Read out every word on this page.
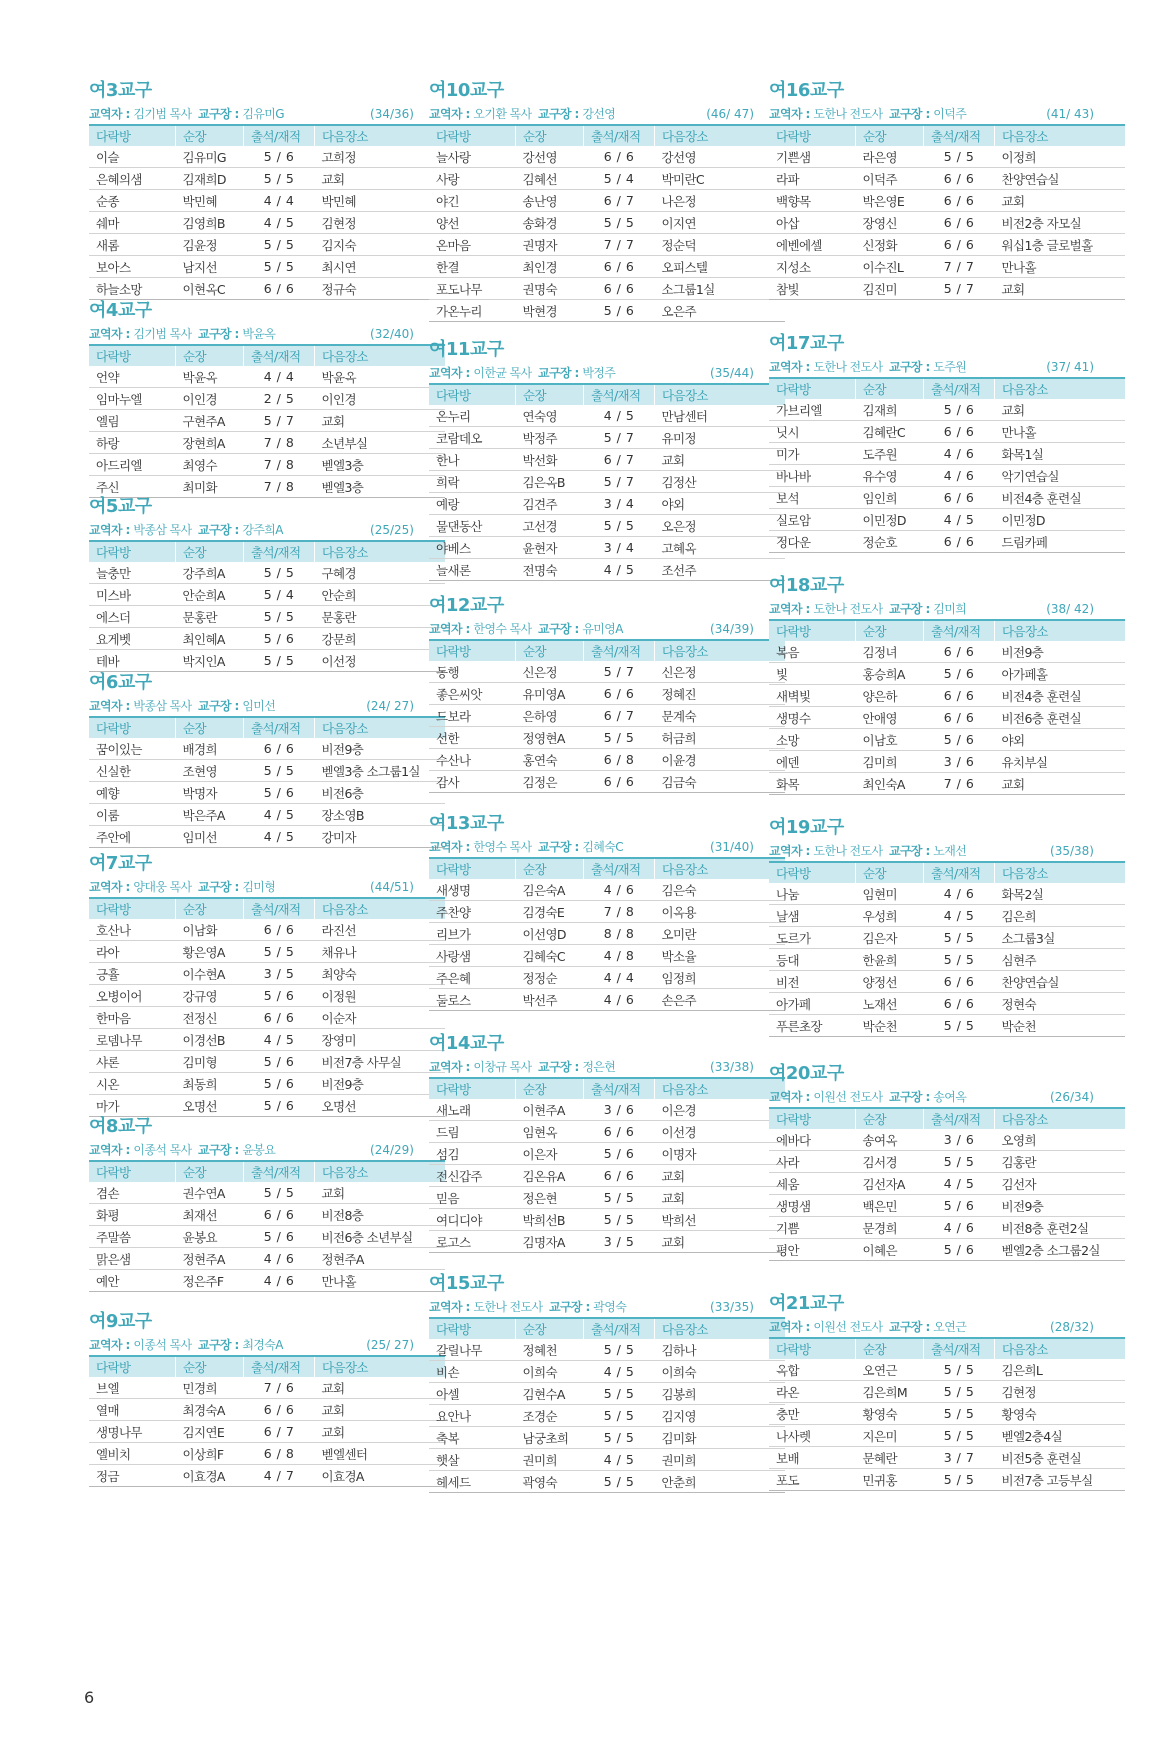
여3교구
교역자 : 김기범 목사 교구장 : 김유미G	(34/36)
다락방	순장	출석/재적	다음장소
이슬	김유미G	5 / 6	고희정
은혜의샘	김재희D	5 / 5	교회
순종	박민혜	4 / 4	박민혜
쉐마	김영희B	4 / 5	김현정
새롬	김윤정	5 / 5	김지숙
보아스	남지선	5 / 5	최시연
하늘소망	이현옥C	6 / 6	정규숙
여4교구
교역자 : 김기범 목사 교구장 : 박윤옥	(32/40)
다락방	순장	출석/재적	다음장소
언약	박윤옥	4 / 4	박윤옥
임마누엘	이인경	2 / 5	이인경
엘림	구현주A	5 / 7	교회
하랑	장현희A	7 / 8	소년부실
아드리엘	최영수	7 / 8	벧엘3층
주신	최미화	7 / 8	벧엘3층
여5교구
교역자 : 박종삼 목사 교구장 : 강주희A	(25/25)
다락방	순장	출석/재적	다음장소
늘충만	강주희A	5 / 5	구혜경
미스바	안순희A	5 / 4	안순희
에스더	문홍란	5 / 5	문홍란
요게벳	최인혜A	5 / 6	강문희
테바	박지인A	5 / 5	이선정
여6교구
교역자 : 박종삼 목사 교구장 : 임미선	(24/ 27)
다락방	순장	출석/재적	다음장소
꿈이있는	배경희	6 / 6	비전9층
신실한	조현영	5 / 5	벧엘3층 소그룹1실
예향	박명자	5 / 6	비전6층
이룸	박은주A	4 / 5	장소영B
주안에	임미선	4 / 5	강미자
여7교구
교역자 : 양대웅 목사 교구장 : 김미형	(44/51)
다락방	순장	출석/재적	다음장소
호산나	이남화	6 / 6	라진선
라아	황은영A	5 / 5	채유나
긍휼	이수현A	3 / 5	최양숙
오병이어	강규영	5 / 6	이정원
한마음	전정신	6 / 6	이순자
로뎀나무	이경선B	4 / 5	장영미
샤론	김미형	5 / 6	비전7층 사무실
시온	최동희	5 / 6	비전9층
마가	오명선	5 / 6	오명선
여8교구
교역자 : 이종석 목사 교구장 : 윤봉요	(24/29)
다락방	순장	출석/재적	다음장소
겸손	권수연A	5 / 5	교회
화평	최재선	6 / 6	비전8층
주말씀	윤봉요	5 / 6	비전6층 소년부실
맑은샘	정현주A	4 / 6	정현주A
예안	정은주F	4 / 6	만나홀
여9교구
교역자 : 이종석 목사 교구장 : 최경숙A	(25/ 27)
다락방	순장	출석/재적	다음장소
브엘	민경희	7 / 6	교회
열매	최경숙A	6 / 6	교회
생명나무	김지연E	6 / 7	교회
엘비치	이상희F	6 / 8	벧엘센터
정금	이효경A	4 / 7	이효경A
여10교구
교역자 : 오기환 목사 교구장 : 강선영	(46/ 47)
다락방	순장	출석/재적	다음장소
늘사랑	강선영	6 / 6	강선영
사랑	김혜선	5 / 4	박미란C
야긴	송난영	6 / 7	나은정
양선	송화경	5 / 5	이지연
온마음	권명자	7 / 7	정순덕
한결	최인경	6 / 6	오피스텔
포도나무	권명숙	6 / 6	소그룹1실
가온누리	박현경	5 / 6	오은주
여11교구
교역자 : 이한균 목사 교구장 : 박정주	(35/44)
다락방	순장	출석/재적	다음장소
온누리	연숙영	4 / 5	만남센터
코람데오	박정주	5 / 7	유미정
한나	박선화	6 / 7	교회
희락	김은옥B	5 / 7	김정산
예랑	김견주	3 / 4	야외
물댄동산	고선경	5 / 5	오은정
야베스	윤현자	3 / 4	고혜옥
늘새론	전명숙	4 / 5	조선주
여12교구
교역자 : 한영수 목사 교구장 : 유미영A	(34/39)
다락방	순장	출석/재적	다음장소
동행	신은정	5 / 7	신은정
좋은씨앗	유미영A	6 / 6	정혜진
드보라	은하영	6 / 7	문계숙
선한	정영현A	5 / 5	허금희
수산나	홍연숙	6 / 8	이윤경
감사	김정은	6 / 6	김금숙
여13교구
교역자 : 한영수 목사 교구장 : 김혜숙C	(31/40)
다락방	순장	출석/재적	다음장소
새생명	김은숙A	4 / 6	김은숙
주찬양	김경숙E	7 / 8	이옥용
리브가	이선영D	8 / 8	오미란
사랑샘	김혜숙C	4 / 8	박소율
주은혜	정정순	4 / 4	임정희
둘로스	박선주	4 / 6	손은주
여14교구
교역자 : 이창규 목사 교구장 : 정은현	(33/38)
다락방	순장	출석/재적	다음장소
새노래	이현주A	3 / 6	이은경
드림	임현옥	6 / 6	이선경
섬김	이은자	5 / 6	이명자
전신갑주	김온유A	6 / 6	교회
믿음	정은현	5 / 5	교회
여디디야	박희선B	5 / 5	박희선
로고스	김명자A	3 / 5	교회
여15교구
교역자 : 도한나 전도사 교구장 : 곽영숙	(33/35)
다락방	순장	출석/재적	다음장소
갈릴나무	정혜천	5 / 5	김하나
비손	이희숙	4 / 5	이희숙
아셀	김현수A	5 / 5	김봉희
요안나	조경순	5 / 5	김지영
축복	남궁초희	5 / 5	김미화
햇살	권미희	4 / 5	권미희
헤세드	곽영숙	5 / 5	안춘희
여16교구
교역자 : 도한나 전도사 교구장 : 이덕주	(41/ 43)
다락방	순장	출석/재적	다음장소
기쁜샘	라은영	5 / 5	이정희
라파	이덕주	6 / 6	찬양연습실
백향목	박은영E	6 / 6	교회
아삽	장영신	6 / 6	비전2층 자모실
에벤에셀	신정화	6 / 6	워십1층 글로벌홀
지성소	이수진L	7 / 7	만나홀
참빛	김진미	5 / 7	교회
여17교구
교역자 : 도한나 전도사 교구장 : 도주원	(37/ 41)
다락방	순장	출석/재적	다음장소
가브리엘	김재희	5 / 6	교회
닛시	김혜란C	6 / 6	만나홀
미가	도주원	4 / 6	화목1실
바나바	유수영	4 / 6	악기연습실
보석	임인희	6 / 6	비전4층 훈련실
실로암	이민정D	4 / 5	이민정D
정다운	정순호	6 / 6	드림카페
여18교구
교역자 : 도한나 전도사 교구장 : 김미희	(38/ 42)
다락방	순장	출석/재적	다음장소
복음	김정녀	6 / 6	비전9층
빛	홍승희A	5 / 6	아가페홀
새벽빛	양은하	6 / 6	비전4층 훈련실
생명수	안애영	6 / 6	비전6층 훈련실
소망	이남호	5 / 6	야외
에덴	김미희	3 / 6	유치부실
화목	최인숙A	7 / 6	교회
여19교구
교역자 : 도한나 전도사 교구장 : 노재선	(35/38)
다락방	순장	출석/재적	다음장소
나눔	임현미	4 / 6	화목2실
날샘	우성희	4 / 5	김은희
도르가	김은자	5 / 5	소그룹3실
등대	한윤희	5 / 5	심현주
비전	양정선	6 / 6	찬양연습실
아가페	노재선	6 / 6	정현숙
푸른초장	박순천	5 / 5	박순천
여20교구
교역자 : 이원선 전도사 교구장 : 송여옥	(26/34)
다락방	순장	출석/재적	다음장소
에바다	송여옥	3 / 6	오영희
사라	김서경	5 / 5	김홍란
세움	김선자A	4 / 5	김선자
생명샘	백은민	5 / 6	비전9층
기쁨	문경희	4 / 6	비전8층 훈련2실
평안	이혜은	5 / 6	벧엘2층 소그룹2실
여21교구
교역자 : 이원선 전도사 교구장 : 오연근	(28/32)
다락방	순장	출석/재적	다음장소
옥합	오연근	5 / 5	김은희L
라온	김은희M	5 / 5	김현정
충만	황영숙	5 / 5	황영숙
나사렛	지은미	5 / 5	벧엘2층4실
보배	문혜란	3 / 7	비전5층 훈련실
포도	민귀홍	5 / 5	비전7층 고등부실
6
